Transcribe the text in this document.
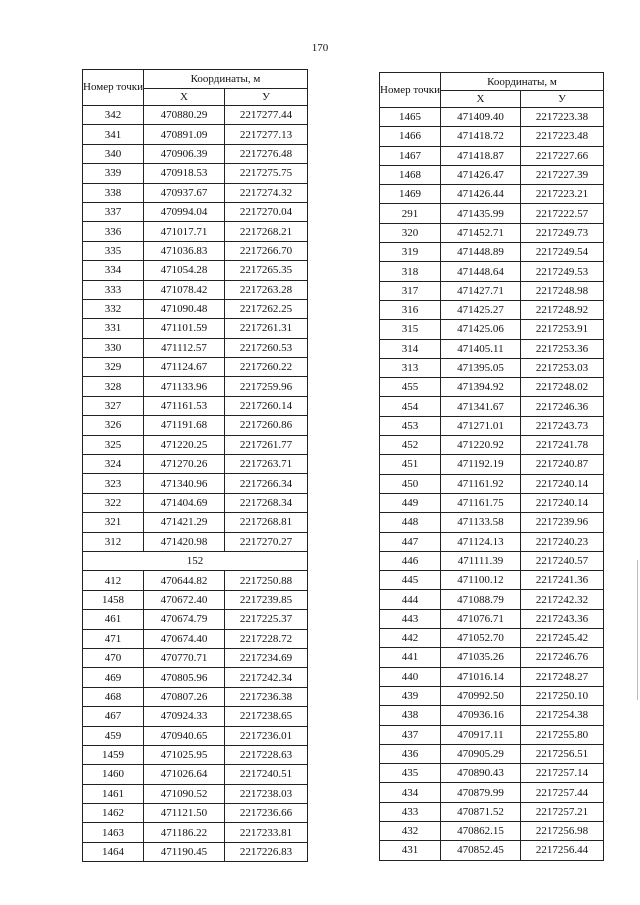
170
Номер точки	Координаты, м	
	X	У
342	470880.29	2217277.44
341	470891.09	2217277.13
340	470906.39	2217276.48
339	470918.53	2217275.75
338	470937.67	2217274.32
337	470994.04	2217270.04
336	471017.71	2217268.21
335	471036.83	2217266.70
334	471054.28	2217265.35
333	471078.42	2217263.28
332	471090.48	2217262.25
331	471101.59	2217261.31
330	471112.57	2217260.53
329	471124.67	2217260.22
328	471133.96	2217259.96
327	471161.53	2217260.14
326	471191.68	2217260.86
325	471220.25	2217261.77
324	471270.26	2217263.71
323	471340.96	2217266.34
322	471404.69	2217268.34
321	471421.29	2217268.81
312	471420.98	2217270.27
152		
412	470644.82	2217250.88
1458	470672.40	2217239.85
461	470674.79	2217225.37
471	470674.40	2217228.72
470	470770.71	2217234.69
469	470805.96	2217242.34
468	470807.26	2217236.38
467	470924.33	2217238.65
459	470940.65	2217236.01
1459	471025.95	2217228.63
1460	471026.64	2217240.51
1461	471090.52	2217238.03
1462	471121.50	2217236.66
1463	471186.22	2217233.81
1464	471190.45	2217226.83
Номер точки	Координаты, м	
	X	У
1465	471409.40	2217223.38
1466	471418.72	2217223.48
1467	471418.87	2217227.66
1468	471426.47	2217227.39
1469	471426.44	2217223.21
291	471435.99	2217222.57
320	471452.71	2217249.73
319	471448.89	2217249.54
318	471448.64	2217249.53
317	471427.71	2217248.98
316	471425.27	2217248.92
315	471425.06	2217253.91
314	471405.11	2217253.36
313	471395.05	2217253.03
455	471394.92	2217248.02
454	471341.67	2217246.36
453	471271.01	2217243.73
452	471220.92	2217241.78
451	471192.19	2217240.87
450	471161.92	2217240.14
449	471161.75	2217240.14
448	471133.58	2217239.96
447	471124.13	2217240.23
446	471111.39	2217240.57
445	471100.12	2217241.36
444	471088.79	2217242.32
443	471076.71	2217243.36
442	471052.70	2217245.42
441	471035.26	2217246.76
440	471016.14	2217248.27
439	470992.50	2217250.10
438	470936.16	2217254.38
437	470917.11	2217255.80
436	470905.29	2217256.51
435	470890.43	2217257.14
434	470879.99	2217257.44
433	470871.52	2217257.21
432	470862.15	2217256.98
431	470852.45	2217256.44
